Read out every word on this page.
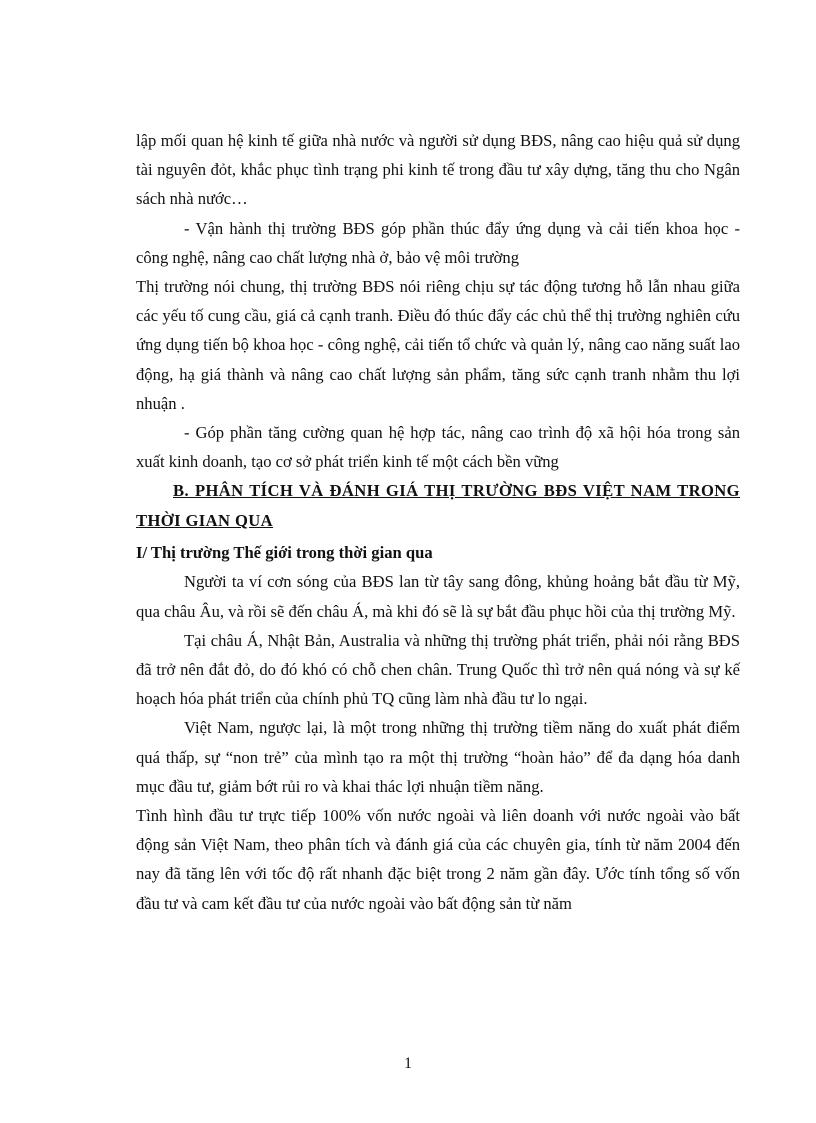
lập mối quan hệ kinh tế giữa nhà nước và người sử dụng BĐS, nâng cao hiệu quả sử dụng tài nguyên đỏt, khắc phục tình trạng phi kinh tế trong đầu tư xây dựng, tăng thu cho Ngân sách nhà nước…

- Vận hành thị trường BĐS góp phần thúc đẩy ứng dụng và cải tiến khoa học - công nghệ, nâng cao chất lượng nhà ở, bảo vệ môi trường

Thị trường nói chung, thị trường BĐS nói riêng chịu sự tác động tương hỗ lẫn nhau giữa các yếu tố cung cầu, giá cả cạnh tranh. Điều đó thúc đẩy các chủ thể thị trường nghiên cứu ứng dụng tiến bộ khoa học - công nghệ, cải tiến tổ chức và quản lý, nâng cao năng suất lao động, hạ giá thành và nâng cao chất lượng sản phẩm, tăng sức cạnh tranh nhằm thu lợi nhuận .

- Góp phần tăng cường quan hệ hợp tác, nâng cao trình độ xã hội hóa trong sản xuất kinh doanh, tạo cơ sở phát triển kinh tế một cách bền vững

B. PHÂN TÍCH VÀ ĐÁNH GIÁ THỊ TRƯỜNG BĐS VIỆT NAM TRONG THỜI GIAN QUA

I/ Thị trường Thế giới trong thời gian qua

Người ta ví cơn sóng của BĐS lan từ tây sang đông, khủng hoảng bắt đầu từ Mỹ, qua châu Âu, và rồi sẽ đến châu Á, mà khi đó sẽ là sự bắt đầu phục hồi của thị trường Mỹ.

Tại châu Á, Nhật Bản, Australia và những thị trường phát triển, phải nói rằng BĐS đã trở nên đắt đỏ, do đó khó có chỗ chen chân. Trung Quốc thì trở nên quá nóng và sự kế hoạch hóa phát triển của chính phủ TQ cũng làm nhà đầu tư lo ngại.

Việt Nam, ngược lại, là một trong những thị trường tiềm năng do xuất phát điểm quá thấp, sự “non trẻ” của mình tạo ra một thị trường “hoàn hảo” để đa dạng hóa danh mục đầu tư, giảm bớt rủi ro và khai thác lợi nhuận tiềm năng.

Tình hình đầu tư trực tiếp 100% vốn nước ngoài và liên doanh với nước ngoài vào bất động sản Việt Nam, theo phân tích và đánh giá của các chuyên gia, tính từ năm 2004 đến nay đã tăng lên với tốc độ rất nhanh đặc biệt trong 2 năm gần đây. Ước tính tổng số vốn đầu tư và cam kết đầu tư của nước ngoài vào bất động sản từ năm

1
